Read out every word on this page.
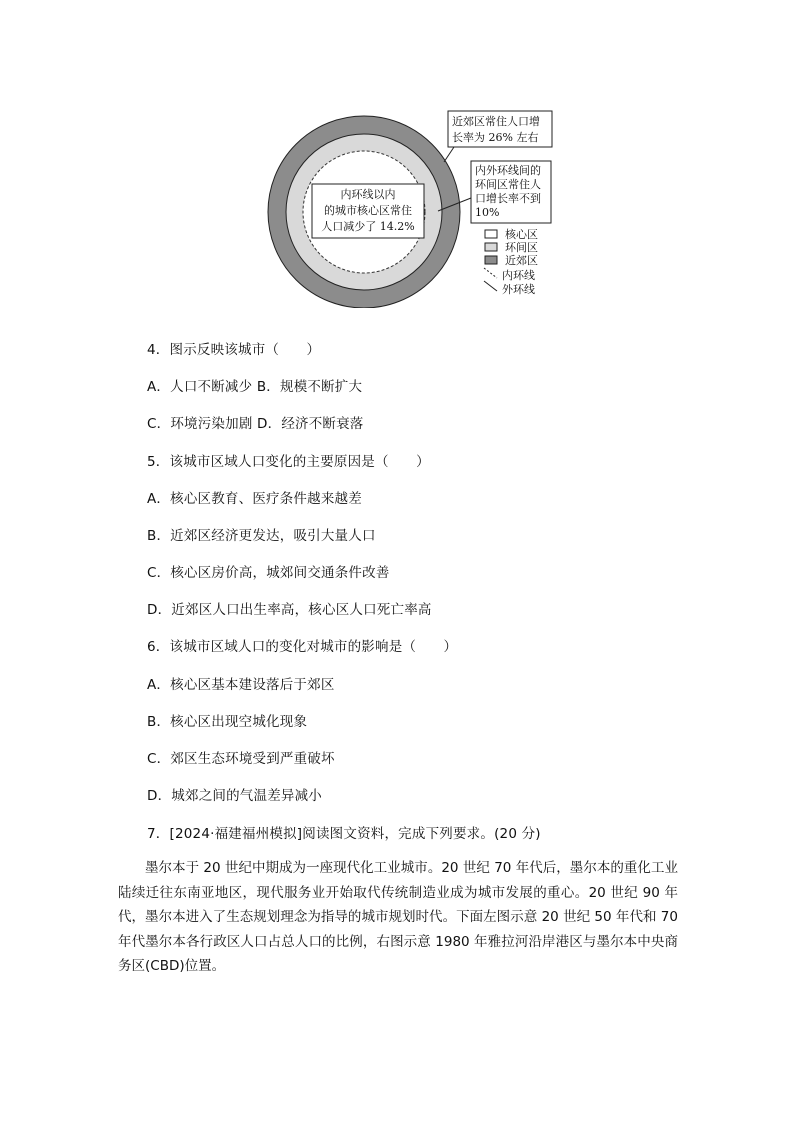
内环线以内
的城市核心区常住
人口减少了 14.2%
近郊区常住人口增
长率为 26% 左右
内外环线间的
环间区常住人
口增长率不到
10%
核心区
环间区
近郊区
内环线
外环线
4．图示反映该城市（　　）
A．人口不断减少 B．规模不断扩大
C．环境污染加剧 D．经济不断衰落
5．该城市区域人口变化的主要原因是（　　）
A．核心区教育、医疗条件越来越差
B．近郊区经济更发达，吸引大量人口
C．核心区房价高，城郊间交通条件改善
D．近郊区人口出生率高，核心区人口死亡率高
6．该城市区域人口的变化对城市的影响是（　　）
A．核心区基本建设落后于郊区
B．核心区出现空城化现象
C．郊区生态环境受到严重破坏
D．城郊之间的气温差异减小
7．[2024·福建福州模拟]阅读图文资料，完成下列要求。(20 分)
墨尔本于 20 世纪中期成为一座现代化工业城市。20 世纪 70 年代后，墨尔本的重化工业陆续迁往东南亚地区，现代服务业开始取代传统制造业成为城市发展的重心。20 世纪 90 年代，墨尔本进入了生态规划理念为指导的城市规划时代。下面左图示意 20 世纪 50 年代和 70 年代墨尔本各行政区人口占总人口的比例，右图示意 1980 年雅拉河沿岸港区与墨尔本中央商务区(CBD)位置。
